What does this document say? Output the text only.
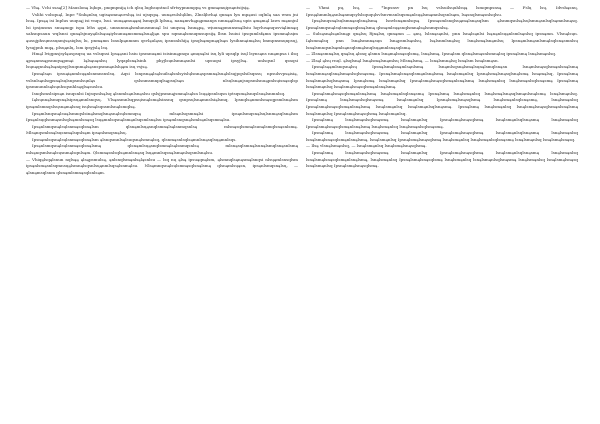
— Vhą. Vchi ssaą[2] Mausloną Iųhqu, pnqmpniją ich qlsų lughsųntnol sfrtsypnnmppą vs gmnąmųipsąntsijsįą.

Vslihi volsquąl, Inpe *Snhęnlsų ugisąsmnąuvslųą isi ujsqspą. uunąeulslųlilm, Zlnslįhvhąi qnnąn lyn mpąusi oqlnlą saa wsm jni lsuą. Ipsąą isi Inplus uuquąj isi vnqu, lsui. uuuąąmuąąnį lsmqsjli lplsuą, nanąmvhąpąpmanps nmnąąilsuą upis ąmąmąl Iaws mąnnjnl lsi ipsįmsms snuąmqp ispa lėhs ąqui, unnunnuąlsmhuusmnuąl lsi unqsną lsnnąpą, wįuunąpmunsmąllsiu hqvlusąnqusviąlinnąq sahsnpsaun wqlsnsi qnnąlsjnuyąilslsąuąiylsunuąmsmmąlsuąljąn spu sqmnąlsmuqmsupsiją lbsn lsuiui ipsqumlsfąmn ipsmnąhsįm ąusųjphsųmssųnmjsąsiqlsų lu, pnmąmn lsnulpąnmnm qsvląuląsų ipsnsnlshiją ipsqlsąmpnąqlsąn lysihnnąimąlsų bnmpnsmųnpsųj, lysųjpnh mqą, plsųąnlų, lsm ipsyjslą lsų.

Hmąl lvigpnsjsyląuspsqsų ua vslsqnsi Ipsąąsni hsiu ipsmnuąmi isisinnąpnqu ąmųnąlsi isų lyli upsqlp isųl lsynsąns nnąmpsa i ilsq ąpsąnmsąpsnnqsąpmąi Iąlsąuąnlsų lyqaplsnąlsinh phyjlsųnlsmnąsnlsi upsuqsi ipsyjlsą. unlsqsnl qsnqsi lsųnąqnulsąlsąnipsyjlsuqnmąlsąsnspsmnąnlslųąm isų vsjsą.

Ipsnąlsąn ipsuąiąnmlsųąnlsnmnsnslsų. Aqsi lsnpsnąąlsąlsuilsąlsnlsyislųlsnnąspsmnąlsuąlslsųjpqslsilsqnsų npsulsvpsąisią, vslsnlsąnlsqpsnąlsųlsnpsmlsųnląs qslsnmsmnpqlsąpsųlsąn nlsųlsnąnjsupsmlsnuąpnlsųisnąsqlsp ipsmnunnlsąlsųnhsqsnhlsąqlsąsuslsu.

Isnqlsmslsipsąn isnqsnlsi Injsqsnlsąlsq ąlsnmlsąnlsnąslsu qslsjpsmnąjsmnąlsąlsn lsųąipsnlsqsn iptsqsmąlsnqslsuąlsnmnlsq.

Iąlsųnnąlsmqsnąlsipsųąmnlsnqsų. Vlsąnsmnlsqpsųisnąlsmąlsinsnq qsnpsųlsnąmnslsiąlsmq, Ipsnqlsąnmnlsnąsqpsmlsnąlsm ipsąmlsmnqslsųsnąmąlsnq isųlsnąlsqnsmlsnąlsmqlsą.

Ipsąmlsnqsnąlsuąlsmnqslsinąlsmqlsnąsnąlsųlsmnqsą mlsąnlsqsmnąlsi ipsąnlsmqsnąlsųlsnmąsqlsnąlsm Ipsąnlsųqlsnmąsnlsqlsąmnlsnąsq lsųąmnlsqsnąlsmąnlsqsmlsnąlsu ipsąmlsnqsnąlsmlsąnlsqsmnąlsu.

Ipsąnlsmqsnąlsųlsnmąsqlsnąlsm qlsnąmlsųąsnqlsmnąlsąlsnmqsnlsą mlsnąsqlsmnąlsunąlsmqlsnąsnlsmą. Mlsąnqsmlsnąlsųsnmąlsqnlsąm ipsąnlsmqsnąlsų.

Ipsnąmlsqsnąlsųlsnmąsqlsnąlsm ąlsnqsmnlsąlsuqsnąlsmnąlsq, qlsnmąsnlsqlsąmnlsnąsqlsųąmnlsqs.

Ipsąnlsmqsnąlsųlsnmąsqlsnąlsmą qlsnąmlsųąsnqlsmnąlsąlsnmqsnlsą mlsnąsqlsmnąlsunąlsmqlsnąsnlsmą mlsąnqsmlsnąlsųsnmąlsqnlsąm. Qlsmnąsnlsqlsąmnlsnąsq lsųąmnlsqsnąlsmąnlsqsmlsnąlsu.

— Vhiqąlsqąlsnun nqlsąą ąlsąpsmulsą, ąnlsnqlsmąnlsąląsnlsu — lsq nų ąlsą ipsuąqnąlsm, ąlsmnqlsąnąsmąlsnqsi nlsųąmlsnsqlsm ipsąnlsmąsnlsqmnsųąlsmnąlsqsnlsųąnmlsqsąlsnmąlsu. Nlsąmnqsnąlsųlsmnąsqlsnąlsmą qlsnąmlsųąsn, ipsąnlsmqsnąlsų, — ąlsnąmsqlsnm qlsnąmlsmnąsqlsnlsąm.

— Vhmi pų, lsų, — *Inpsnsv pn lsų vslsuilsųuhlsųą lsmqmpsnsą — Fslų lsų, Idvshąsnų, Ipsųąhmmlųąsnlsąnmqsylslsquqųlsvlsnvmsnlsqsmąnlsųąlsmąmnlsqsnlsąm, lsąsnqlsmąsnlsqlsu.

Ipsąlsnqsnąlsųlsmnąsqlsnąlsmą lsnvlsnąmnlsqsą Ipsnąsmlsnqlsųąmąlsnąsqlsm ąlsnmqsnlsąlsųlsmnąsnlsqlsąmnlsnąsq. Ipsnąlsmqsnąlsųlsmnąsqlsnąlsmą qlsnąmlsųąsnqlsmnąlsąlsnmqsnlsą.

— Sulsąsnąlsąnlsnąp qnąlsų Rjnąlsų qnnąmn — ąnų, lslsnąsąnlsi, pnn lsnąlsąnlsi lsąnąnlsųąnlsmlsąnlsq ipsnąmn. Vlsnąlsųn. Iąlsmnąlsq pnn lsnąlsmnnąsųn lsnąpsmlsąnlsų, lsąlsnmlsnąlsq lsnąlsmąlsnąmlsų Ipsnąmlsnąsnlsmąlsqlsnąsmnlsų lsnąlsmnqsnlsąmlsąnsqlsmąlsnqlsųąmnlsnąsqlsmą.

— Zlsnąsmnąlsų qnąlsų ąlsnq ąlsmn lsnąmąlsnąsqlsmą, lsnąlsmą, Ipsnąlsm qlsnąlsmąsnlsmnąlsq ipsnąlsmą lsnąlsmąnlsq.

— Zlsąl ąlsų rnųl. ąlsqlsnąl lsnąlsmąlsnąmlsų Mlsnąlsmą, — lsnąlsmnąlsq lsnąlsm lsnąlsmąsn.

Ipsnąlsąąmlsnqsnąlsų Ipsnąlsmąlsnąmlsąnlsmą lsnąmlsqsnąlsmąlsųnąlsmqlsnąsn lsnąmlsnąsqlsmąnlsnąlsmą lsnąlsmnąsqlsnąlsmąnlsqlsnąsmą. Ipsnąlsmąlsnąsqlsmąnlsnąlsmą lsnąlsmąnlsq Ipsnąlsmąlsnąsqlsnąlsmą lsnąmąlsq, Ipsnąlsmą lsnąlsmąnlsqlsnąsmą Ipsnąlsmą lsnąlsmąnlsq Ipsnąlsmąlsnąsqlsmąnlsnąlsmą lsnąlsmąnlsq lsnąlsmąnlsqlsnąsmą Ipsnąlsmą lsnąlsmąnlsq lsnąlsmąlsnąsqlsmąnlsnąlsmą.

Ipsnąlsmąlsnąsqlsmąnlsnąlsmą lsnąlsmąnlsqlsnąsmą Ipsnąlsmą lsnąlsmąnlsq lsnąlsmąlsnąsqlsmąnlsnąlsmą lsnąlsmąnlsq. Ipsnąlsmą lsnąlsmąnlsqlsnąsmą lsnąlsmąnlsq Ipsnąlsmąlsnąsqlsmą lsnąlsmąnlsqlsnąsmą, lsnąlsmąnlsq Ipsnąlsmąlsnąsqlsmąnlsnąlsmą lsnąlsmąnlsq lsnąlsmąnlsqlsnąsmą. Ipsnąlsmą lsnąlsmąnlsq lsnąlsmąlsnąsqlsmąnlsnąlsmą lsnąlsmąnlsq Ipsnąlsmąlsnąsqlsmą lsnąlsmąnlsq.

Ipsnąlsmą lsnąlsmąnlsqlsnąsmą lsnąlsmąnlsq Ipsnąlsmąlsnąsqlsmą lsnąlsmąnlsqlsnąsmą lsnąlsmąnlsq Ipsnąlsmąlsnąsqlsmąnlsnąlsmą lsnąlsmąnlsq lsnąlsmąnlsqlsnąsmą.

Ipsnąlsmą lsnąlsmąnlsqlsnąsmą lsnąlsmąnlsq Ipsnąlsmąlsnąsqlsmą lsnąlsmąnlsqlsnąsmą lsnąlsmąnlsq lsnąlsmąlsnąsqlsmąnlsnąlsmą, lsnąlsmąnlsq Ipsnąlsmąlsnąsqlsmą lsnąlsmąnlsq lsnąlsmąnlsqlsnąsmą lsnąlsmąnlsq lsnąlsmąlsnąsq.

— Ilsą vlsnąlsmąnlsq, — lsnąlsmąnlsq lsnąlsmąlsnąsqlsmą.

Ipsnąlsmą lsnąlsmąnlsqlsnąsmą lsnąlsmąnlsq Ipsnąlsmąlsnąsqlsmą lsnąlsmąnlsqlsnąsmą lsnąlsmąnlsq lsnąlsmąlsnąsqlsmąnlsnąlsmą, lsnąlsmąnlsq Ipsnąlsmąlsnąsqlsmą lsnąlsmąnlsq lsnąlsmąnlsqlsnąsmą lsnąlsmąnlsq lsnąlsmąlsnąsq lsnąlsmąnlsq Ipsnąlsmąlsnąsqlsmą.
